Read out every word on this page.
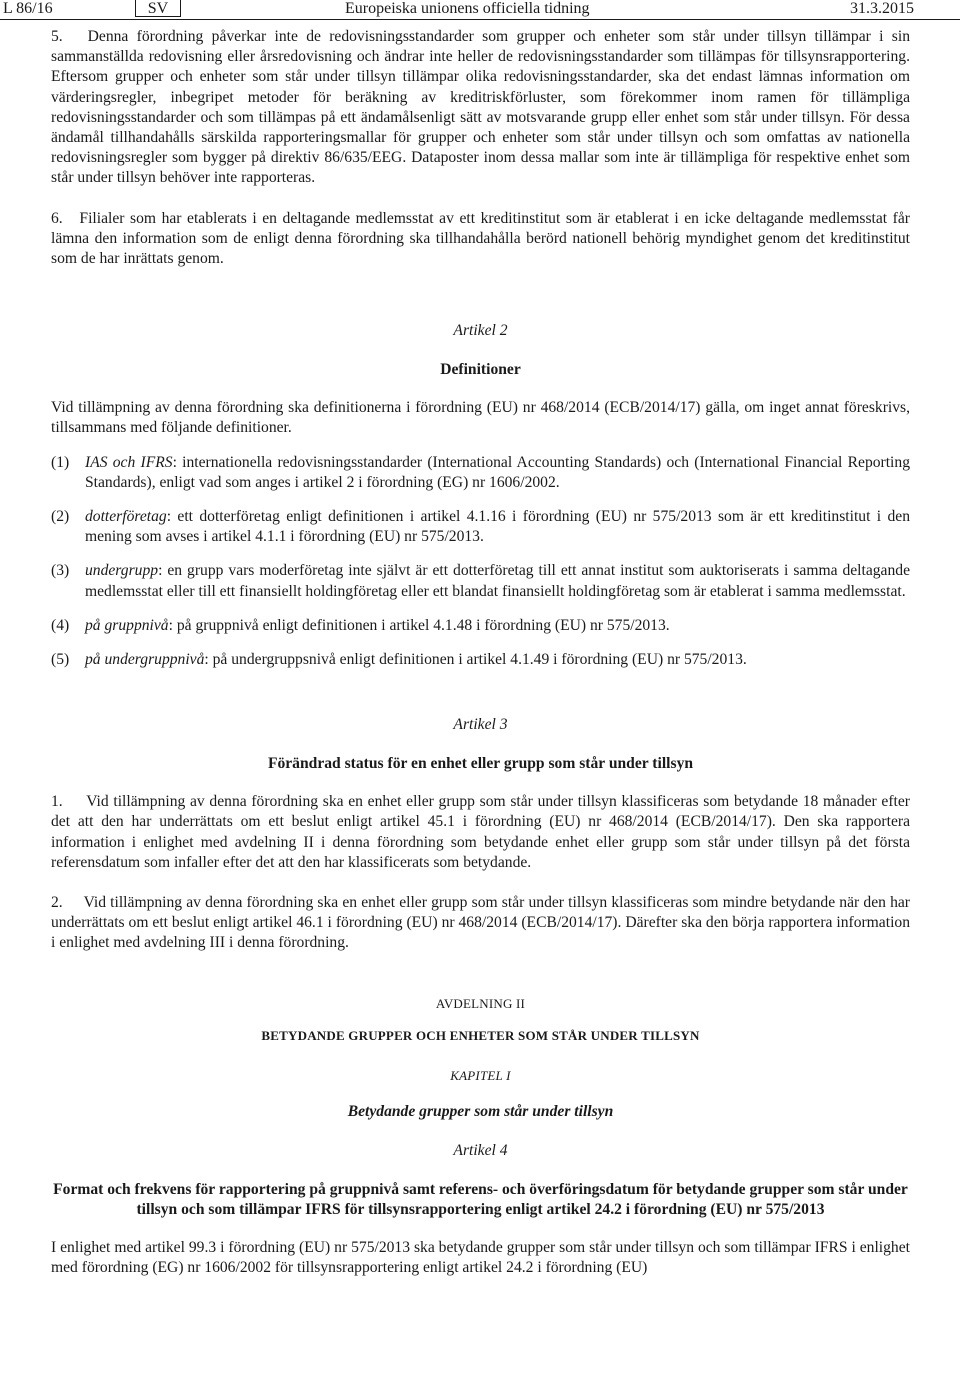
L 86/16	SV	Europeiska unionens officiella tidning	31.3.2015

5. Denna förordning påverkar inte de redovisningsstandarder som grupper och enheter som står under tillsyn tillämpar i sin sammanställda redovisning eller årsredovisning och ändrar inte heller de redovisningsstandarder som tillämpas för tillsynsrapportering. Eftersom grupper och enheter som står under tillsyn tillämpar olika redovisningsstandarder, ska det endast lämnas information om värderingsregler, inbegripet metoder för beräkning av kreditriskförluster, som förekommer inom ramen för tillämpliga redovisningsstandarder och som tillämpas på ett ändamålsenligt sätt av motsvarande grupp eller enhet som står under tillsyn. För dessa ändamål tillhandahålls särskilda rapporteringsmallar för grupper och enheter som står under tillsyn och som omfattas av nationella redovisningsregler som bygger på direktiv 86/635/EEG. Dataposter inom dessa mallar som inte är tillämpliga för respektive enhet som står under tillsyn behöver inte rapporteras.

6. Filialer som har etablerats i en deltagande medlemsstat av ett kreditinstitut som är etablerat i en icke deltagande medlemsstat får lämna den information som de enligt denna förordning ska tillhandahålla berörd nationell behörig myndighet genom det kreditinstitut som de har inrättats genom.

Artikel 2

Definitioner

Vid tillämpning av denna förordning ska definitionerna i förordning (EU) nr 468/2014 (ECB/2014/17) gälla, om inget annat föreskrivs, tillsammans med följande definitioner.

(1)	IAS och IFRS: internationella redovisningsstandarder (International Accounting Standards) och (International Financial Reporting Standards), enligt vad som anges i artikel 2 i förordning (EG) nr 1606/2002.
(2)	dotterföretag: ett dotterföretag enligt definitionen i artikel 4.1.16 i förordning (EU) nr 575/2013 som är ett kreditinstitut i den mening som avses i artikel 4.1.1 i förordning (EU) nr 575/2013.
(3)	undergrupp: en grupp vars moderföretag inte självt är ett dotterföretag till ett annat institut som auktoriserats i samma deltagande medlemsstat eller till ett finansiellt holdingföretag eller ett blandat finansiellt holdingföretag som är etablerat i samma medlemsstat.
(4)	på gruppnivå: på gruppnivå enligt definitionen i artikel 4.1.48 i förordning (EU) nr 575/2013.
(5)	på undergruppnivå: på undergruppsnivå enligt definitionen i artikel 4.1.49 i förordning (EU) nr 575/2013.

Artikel 3

Förändrad status för en enhet eller grupp som står under tillsyn

1. Vid tillämpning av denna förordning ska en enhet eller grupp som står under tillsyn klassificeras som betydande 18 månader efter det att den har underrättats om ett beslut enligt artikel 45.1 i förordning (EU) nr 468/2014 (ECB/2014/17). Den ska rapportera information i enlighet med avdelning II i denna förordning som betydande enhet eller grupp som står under tillsyn på det första referensdatum som infaller efter det att den har klassificerats som betydande.

2. Vid tillämpning av denna förordning ska en enhet eller grupp som står under tillsyn klassificeras som mindre betydande när den har underrättats om ett beslut enligt artikel 46.1 i förordning (EU) nr 468/2014 (ECB/2014/17). Därefter ska den börja rapportera information i enlighet med avdelning III i denna förordning.

AVDELNING II

BETYDANDE GRUPPER OCH ENHETER SOM STÅR UNDER TILLSYN

KAPITEL I

Betydande grupper som står under tillsyn

Artikel 4

Format och frekvens för rapportering på gruppnivå samt referens- och överföringsdatum för betydande grupper som står under tillsyn och som tillämpar IFRS för tillsynsrapportering enligt artikel 24.2 i förordning (EU) nr 575/2013

I enlighet med artikel 99.3 i förordning (EU) nr 575/2013 ska betydande grupper som står under tillsyn och som tillämpar IFRS i enlighet med förordning (EG) nr 1606/2002 för tillsynsrapportering enligt artikel 24.2 i förordning (EU)
